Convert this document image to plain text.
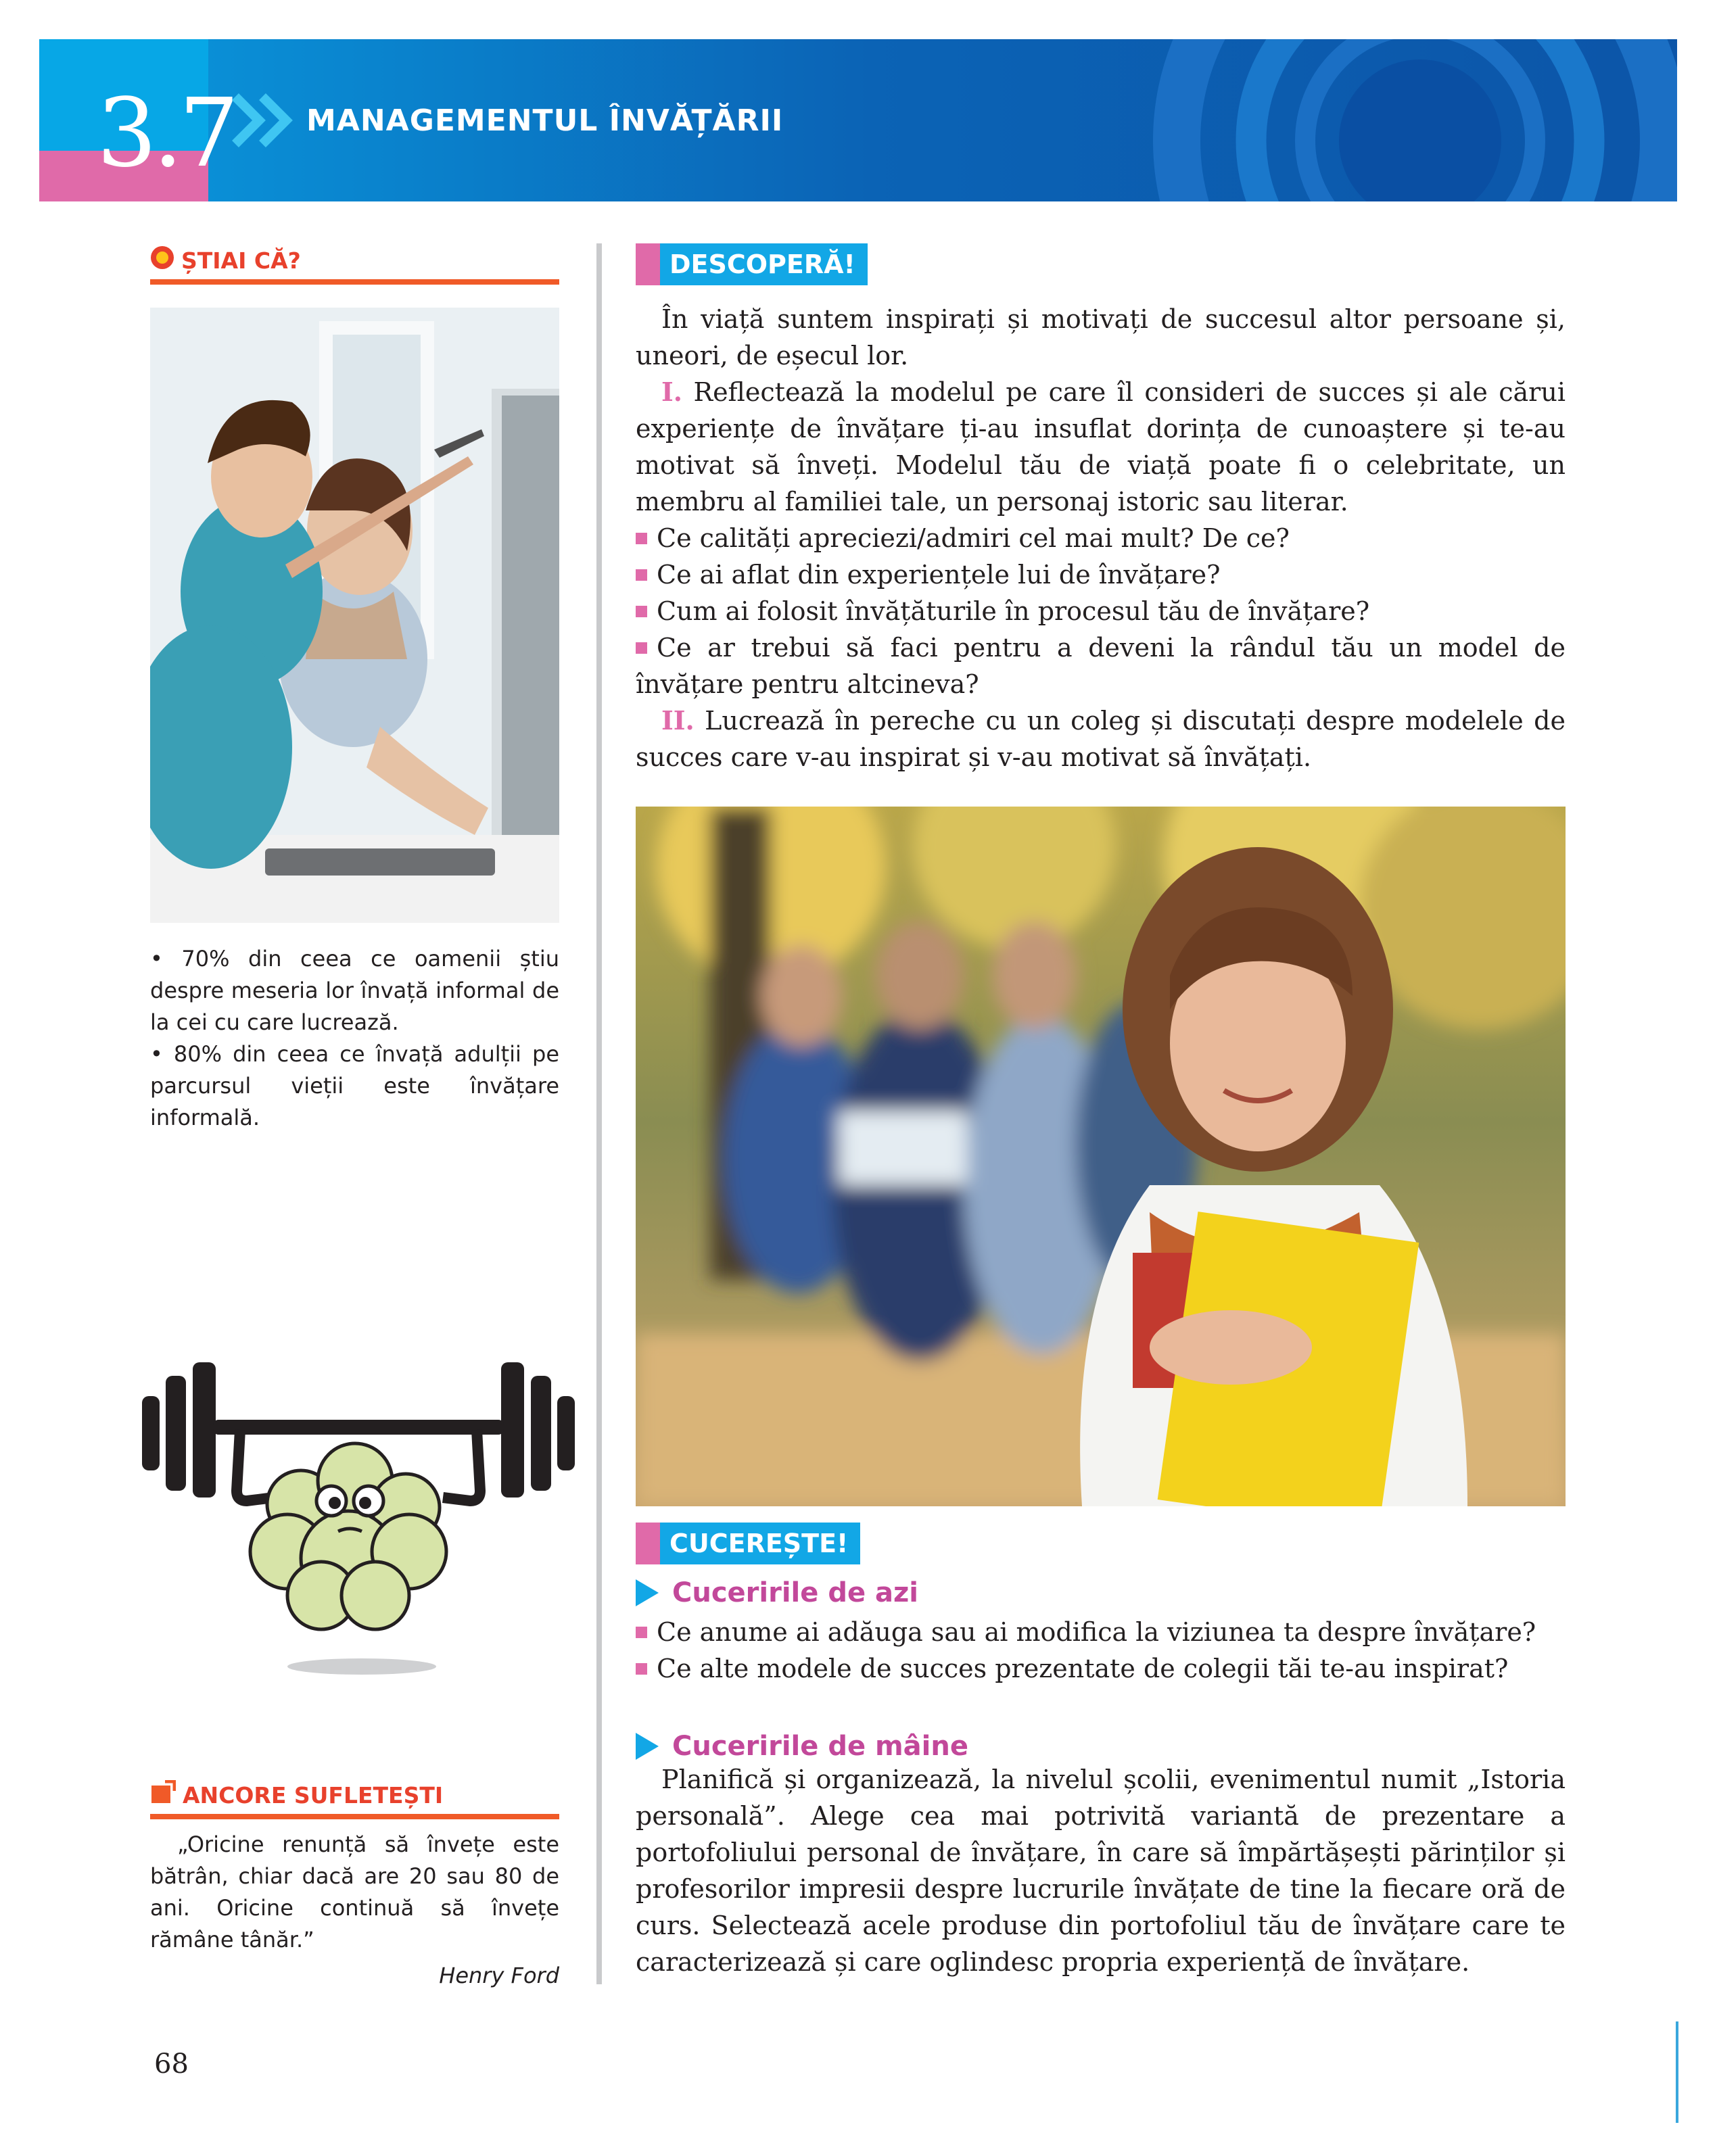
3.7 MANAGEMENTUL ÎNVĂȚĂRII
ȘTIAI CĂ?

• 70% din ceea ce oamenii știu despre meseria lor învață informal de la cei cu care lucrează.

• 80% din ceea ce învață adulții pe parcursul vieții este învățare informală.

ANCORE SUFLETEȘTI

„Oricine renunță să învețe este bătrân, chiar dacă are 20 sau 80 de ani. Oricine continuă să învețe rămâne tânăr.”

Henry Ford
DESCOPERĂ!

În viață suntem inspirați și motivați de succesul altor persoane și, uneori, de eșecul lor.

I. Reflectează la modelul pe care îl consideri de succes și ale cărui experiențe de învățare ți-au insuflat dorința de cunoaștere și te-au motivat să înveți. Modelul tău de viață poate fi o celebritate, un membru al familiei tale, un personaj istoric sau literar.

Ce calități apreciezi/admiri cel mai mult? De ce?

Ce ai aflat din experiențele lui de învățare?

Cum ai folosit învățăturile în procesul tău de învățare?

Ce ar trebui să faci pentru a deveni la rândul tău un model de învățare pentru altcineva?

II. Lucrează în pereche cu un coleg și discutați despre modelele de succes care v-au inspirat și v-au motivat să învățați.

CUCEREȘTE!
Cuceririle de azi

Ce anume ai adăuga sau ai modifica la viziunea ta despre învățare?

Ce alte modele de succes prezentate de colegii tăi te-au inspirat?

Cuceririle de mâine

Planifică și organizează, la nivelul școlii, evenimentul numit „Istoria personală”. Alege cea mai potrivită variantă de prezentare a portofoliului personal de învățare, în care să împărtășești părinților și profesorilor impresii despre lucrurile învățate de tine la fiecare oră de curs. Selectează acele produse din portofoliul tău de învățare care te caracterizează și care oglindesc propria experiență de învățare.

68
